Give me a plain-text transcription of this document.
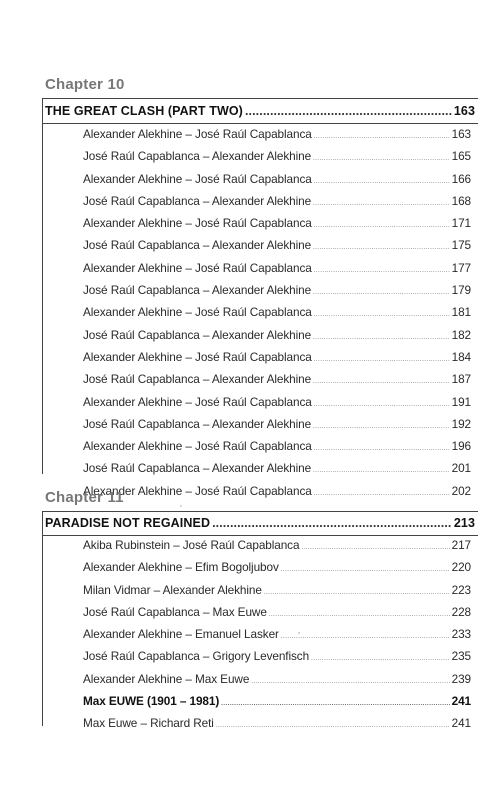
Chapter 10
THE GREAT CLASH (PART TWO) .....	163
Alexander Alekhine – José Raúl Capablanca .....	163
José Raúl Capablanca – Alexander Alekhine .....	165
Alexander Alekhine – José Raúl Capablanca .....	166
José Raúl Capablanca – Alexander Alekhine .....	168
Alexander Alekhine – José Raúl Capablanca .....	171
José Raúl Capablanca – Alexander Alekhine .....	175
Alexander Alekhine – José Raúl Capablanca .....	177
José Raúl Capablanca – Alexander Alekhine .....	179
Alexander Alekhine – José Raúl Capablanca .....	181
José Raúl Capablanca – Alexander Alekhine .....	182
Alexander Alekhine – José Raúl Capablanca .....	184
José Raúl Capablanca – Alexander Alekhine .....	187
Alexander Alekhine – José Raúl Capablanca .....	191
José Raúl Capablanca – Alexander Alekhine .....	192
Alexander Alekhine – José Raúl Capablanca .....	196
José Raúl Capablanca – Alexander Alekhine .....	201
Alexander Alekhine – José Raúl Capablanca .....	202
Chapter 11
PARADISE NOT REGAINED .....	213
Akiba Rubinstein – José Raúl Capablanca .....	217
Alexander Alekhine – Efim Bogoljubov .....	220
Milan Vidmar – Alexander Alekhine .....	223
José Raúl Capablanca – Max Euwe .....	228
Alexander Alekhine – Emanuel Lasker .....	233
José Raúl Capablanca – Grigory Levenfisch .....	235
Alexander Alekhine – Max Euwe .....	239
Max EUWE (1901 – 1981) .....	241
Max Euwe – Richard Reti .....	241
